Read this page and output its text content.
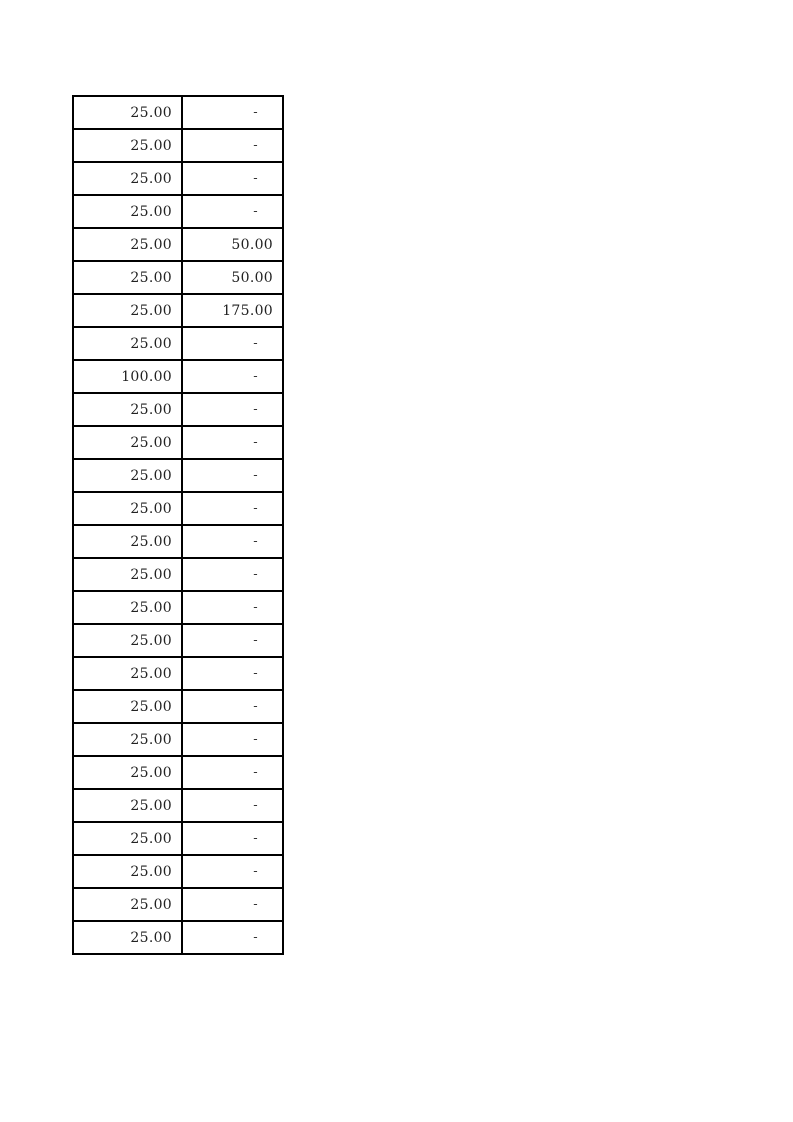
25.00	-
25.00	-
25.00	-
25.00	-
25.00	50.00
25.00	50.00
25.00	175.00
25.00	-
100.00	-
25.00	-
25.00	-
25.00	-
25.00	-
25.00	-
25.00	-
25.00	-
25.00	-
25.00	-
25.00	-
25.00	-
25.00	-
25.00	-
25.00	-
25.00	-
25.00	-
25.00	-
